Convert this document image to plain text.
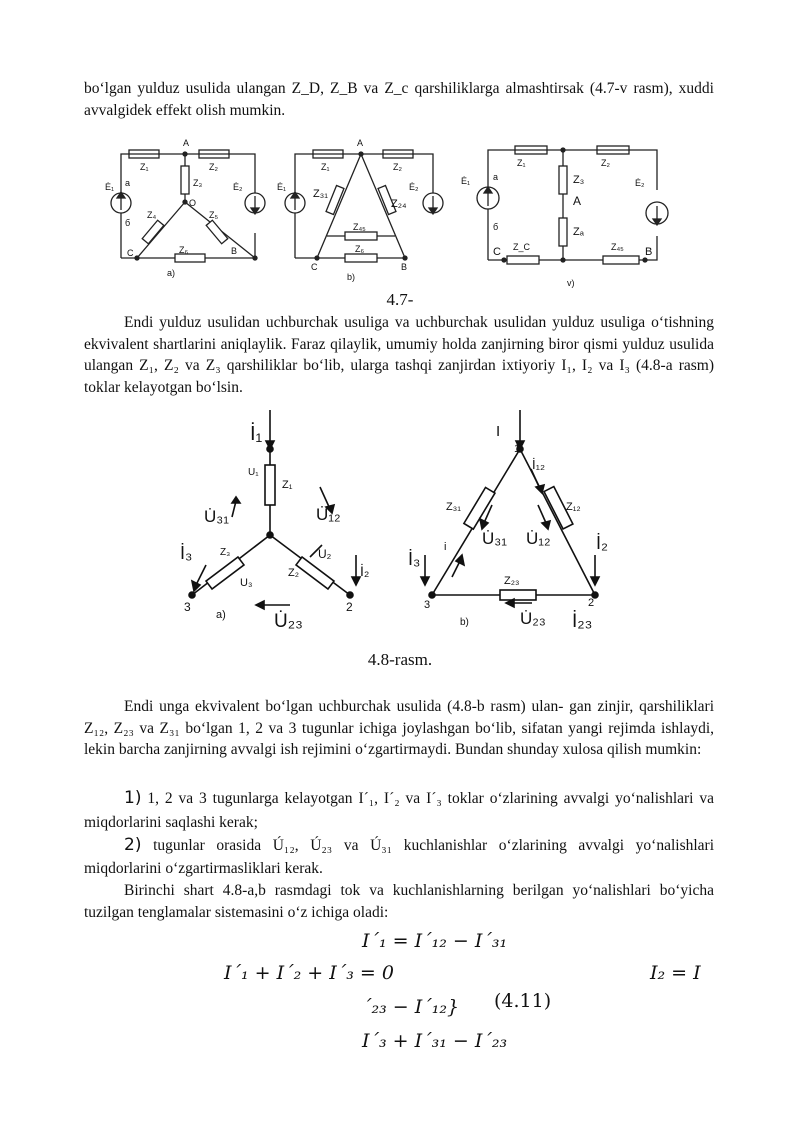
bo‘lgan yulduz usulida ulangan Z_D, Z_B va Z_c qarshiliklarga almashtirsak (4.7-v rasm), xuddi avvalgidek effekt olish mumkin.

A
Z₁	Z₂
Z₃
O
Z₄	Z₅
Z₆
Ė₁	Ė₂
a
б
C	B
a)
A
Z₁	Z₂
Z₃₁
Z₂₄
Z₄₅
Z₆
Ė₁	Ė₂
C	B
b)
Z₁	Z₂
Z₃
A
Zₐ
Z_C	Z₄₅
Ė₁	Ė₂
a
б
C	B
v)

4.7-

Endi yulduz usulidan uchburchak usuliga va uchburchak usulidan yulduz usuliga o‘tishning ekvivalent shartlarini aniqlaylik. Faraz qilaylik, umumiy holda zanjirning biror qismi yulduz usulida ulangan Z₁, Z₂ va Z₃ qarshiliklar bo‘lib, ularga tashqi zanjirdan ixtiyoriy I₁, I₂ va I₃ (4.8-a rasm) toklar kelayotgan bo‘lsin.

İ₁
U₁
Z₁
U̇₃₁	U̇₁₂
Z₃	U₂
İ₃
İ₂
Z₂
U₃
3	2
a)	U̇₂₃
I
1
İ₁₂
Z₃₁	Z₁₂
U̇₃₁ U̇₁₂	İ₂
i
İ₃
Z₂₃
3	2
b)	U̇₂₃ İ₂₃

4.8-rasm.

Endi unga ekvivalent bo‘lgan uchburchak usulida (4.8-b rasm) ulan- gan zinjir, qarshiliklari Z₁₂, Z₂₃ va Z₃₁ bo‘lgan 1, 2 va 3 tugunlar ichiga joylashgan bo‘lib, sifatan yangi rejimda ishlaydi, lekin barcha zanjirning avvalgi ish rejimini o‘zgartirmaydi. Bundan shunday xulosa qilish mumkin:

1) 1, 2 va 3 tugunlarga kelayotgan I´₁, I´₂ va I´₃ toklar o‘zlarining avvalgi yo‘nalishlari va miqdorlarini saqlashi kerak;

2) tugunlar orasida Ú₁₂, Ú₂₃ va Ú₃₁ kuchlanishlar o‘zlarining avvalgi yo‘nalishlari miqdorlarini o‘zgartirmasliklari kerak.

Birinchi shart 4.8-a,b rasmdagi tok va kuchlanishlarning berilgan yo‘nalishlari bo‘yicha tuzilgan tenglamalar sistemasini o‘z ichiga oladi:

I´₁ = I´₁₂ − I´₃₁
I´₁ + I´₂ + I´₃ = 0	I₂ = I
´₂₃ − I´₁₂} (4.11)
I´₃ + I´₃₁ − I´₂₃
